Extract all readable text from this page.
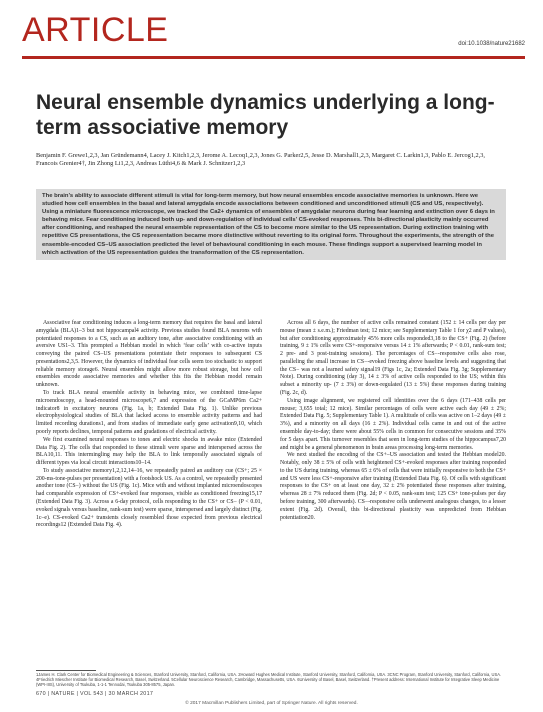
ARTICLE	doi:10.1038/nature21682
Neural ensemble dynamics underlying a long-term associative memory

Benjamin F. Grewe1,2,3, Jan Gründemann4, Lacey J. Kitch1,2,3, Jerome A. Lecoq1,2,3, Jones G. Parker2,5, Jesse D. Marshall1,2,3, Margaret C. Larkin1,3, Pablo E. Jercog1,2,3, Francois Grenier4†, Jin Zhong Li1,2,3, Andreas Lüthi4,6 & Mark J. Schnitzer1,2,3

The brain’s ability to associate different stimuli is vital for long-term memory, but how neural ensembles encode associative memories is unknown. Here we studied how cell ensembles in the basal and lateral amygdala encode associations between conditioned and unconditioned stimuli (CS and US, respectively). Using a miniature fluorescence microscope, we tracked the Ca2+ dynamics of ensembles of amygdalar neurons during fear learning and extinction over 6 days in behaving mice. Fear conditioning induced both up- and down-regulation of individual cells’ CS-evoked responses. This bi-directional plasticity mainly occurred after conditioning, and reshaped the neural ensemble representation of the CS to become more similar to the US representation. During extinction training with repetitive CS presentations, the CS representation became more distinctive without reverting to its original form. Throughout the experiments, the strength of the ensemble-encoded CS–US association predicted the level of behavioural conditioning in each mouse. These findings support a supervised learning model in which activation of the US representation guides the transformation of the CS representation.

Associative fear conditioning induces a long-term memory that requires the basal and lateral amygdala (BLA)1–3 but not hippocampal4 activity. Previous studies found BLA neurons with potentiated responses to a CS, such as an auditory tone, after associative conditioning with an aversive US1–3. This prompted a Hebbian model in which ‘fear cells’ with co-active inputs conveying the paired CS–US presentations potentiate their responses to subsequent CS presentations2,3,5. However, the dynamics of individual fear cells seem too stochastic to support reliable memory storage6. Neural ensembles might allow more robust storage, but how cell ensembles encode associative memories and whether this fits the Hebbian model remain unknown.

To track BLA neural ensemble activity in behaving mice, we combined time-lapse microendoscopy, a head-mounted microscope6,7 and expression of the GCaMP6m Ca2+ indicator8 in excitatory neurons (Fig. 1a, b; Extended Data Fig. 1). Unlike previous electrophysiological studies of BLA that lacked access to ensemble activity patterns and had limited recording durations1, and from studies of immediate early gene activation9,10, which poorly reports declines, temporal patterns and gradations of electrical activity.

We first examined neural responses to tones and electric shocks in awake mice (Extended Data Fig. 2). The cells that responded to these stimuli were sparse and interspersed across the BLA10,11. This intermingling may help the BLA to link temporally associated signals of different types via local circuit interactions10–14.

To study associative memory1,2,12,14–16, we repeatedly paired an auditory cue (CS+; 25 × 200-ms-tone-pulses per presentation) with a footshock US. As a control, we repeatedly presented another tone (CS−) without the US (Fig. 1c). Mice with and without implanted microendoscopes had comparable expression of CS+-evoked fear responses, visible as conditioned freezing15,17 (Extended Data Fig. 3). Across a 6-day protocol, cells responding to the CS+ or CS− (P < 0.01, evoked signals versus baseline, rank-sum test) were sparse, interspersed and largely distinct (Fig. 1c–e). CS-evoked Ca2+ transients closely resembled those expected from previous electrical recordings12 (Extended Data Fig. 4).

Across all 6 days, the number of active cells remained constant (152 ± 14 cells per day per mouse (mean ± s.e.m.); Friedman test; 12 mice; see Supplementary Table 1 for χ2 and P values), but after conditioning approximately 45% more cells responded3,18 to the CS+ (Fig. 2) (before training, 9 ± 1% cells were CS+-responsive versus 14 ± 1% afterwards; P < 0.01, rank-sum test; 2 pre- and 3 post-training sessions). The percentages of CS−-responsive cells also rose, paralleling the small increase in CS−-evoked freezing above baseline levels and suggesting that the CS− was not a learned safety signal19 (Figs 1c, 2a; Extended Data Fig. 3g; Supplementary Note). During conditioning (day 3), 14 ± 3% of active cells responded to the US; within this subset a minority up- (7 ± 3%) or down-regulated (13 ± 5%) these responses during training (Fig. 2c, d).

Using image alignment, we registered cell identities over the 6 days (171–438 cells per mouse; 3,655 total; 12 mice). Similar percentages of cells were active each day (49 ± 2%; Extended Data Fig. 5; Supplementary Table 1). A multitude of cells was active on 1–2 days (49 ± 3%), and a minority on all days (16 ± 2%). Individual cells came in and out of the active ensemble day-to-day; there were about 55% cells in common for consecutive sessions and 35% for 5 days apart. This turnover resembles that seen in long-term studies of the hippocampus7,20 and might be a general phenomenon in brain areas processing long-term memories.

We next studied the encoding of the CS+–US association and tested the Hebbian model20. Notably, only 38 ± 5% of cells with heightened CS+-evoked responses after training responded to the US during training, whereas 65 ± 6% of cells that were initially responsive to both the CS+ and US were less CS+-responsive after training (Extended Data Fig. 6). Of cells with significant responses to the CS+ on at least one day, 32 ± 2% potentiated these responses after training, whereas 28 ± 7% reduced them (Fig. 2d; P < 0.05, rank-sum test; 125 CS+ tone-pulses per day before training, 300 afterwards). CS−-responsive cells underwent analogous changes, to a lesser extent (Fig. 2d). Overall, this bi-directional plasticity was unpredicted from Hebbian potentiation20.

1James H. Clark Center for Biomedical Engineering & Sciences, Stanford University, Stanford, California, USA. 2Howard Hughes Medical Institute, Stanford University, Stanford, California, USA. 3CNC Program, Stanford University, Stanford, California, USA. 4Friedrich Miescher Institute for Biomedical Research, Basel, Switzerland. 5Cellular Neuroscience Research, Cambridge, Massachusetts, USA. 6University of Basel, Basel, Switzerland. †Present address: International Institute for Integrative Sleep Medicine (WPI-IIIS), University of Tsukuba, 1-1-1 Tennodai, Tsukuba 305-8575, Japan.

670 | NATURE | VOL 543 | 30 MARCH 2017
© 2017 Macmillan Publishers Limited, part of Springer Nature. All rights reserved.
